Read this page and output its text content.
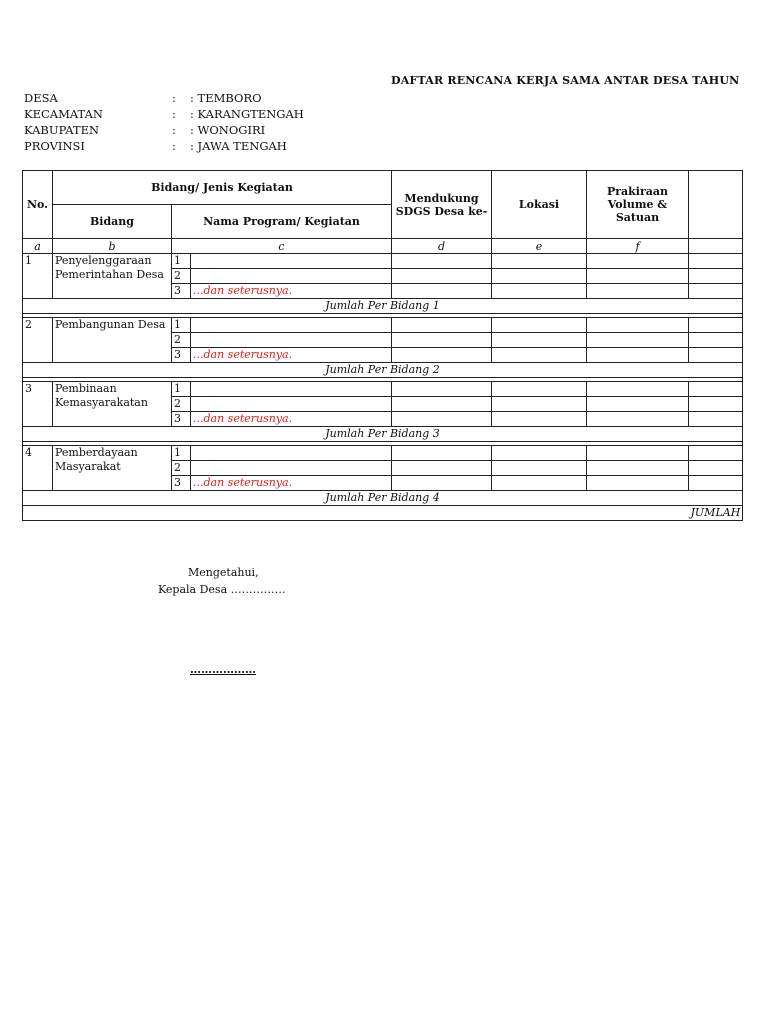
DAFTAR RENCANA KERJA SAMA ANTAR DESA TAHUN
DESA	: : TEMBORO
KECAMATAN	: : KARANGTENGAH
KABUPATEN	: : WONOGIRI
PROVINSI	: : JAWA TENGAH
No.	Bidang/ Jenis Kegiatan			Mendukung SDGS Desa ke-	Lokasi	Prakiraan Volume & Satuan	
	Bidang	Nama Program/ Kegiatan					
a	b	c		d	e	f	
1	Penyelenggaraan Pemerintahan Desa	1					
		2					
		3	...dan seterusnya.				
Jumlah Per Bidang 1							

2	Pembangunan Desa	1					
		2					
		3	...dan seterusnya.				
Jumlah Per Bidang 2							

3	Pembinaan Kemasyarakatan	1					
		2					
		3	...dan seterusnya.				
Jumlah Per Bidang 3							

4	Pemberdayaan Masyarakat	1					
		2					
		3	...dan seterusnya.				
Jumlah Per Bidang 4							
							JUMLAH
Mengetahui,
Kepala Desa ……………
………………
